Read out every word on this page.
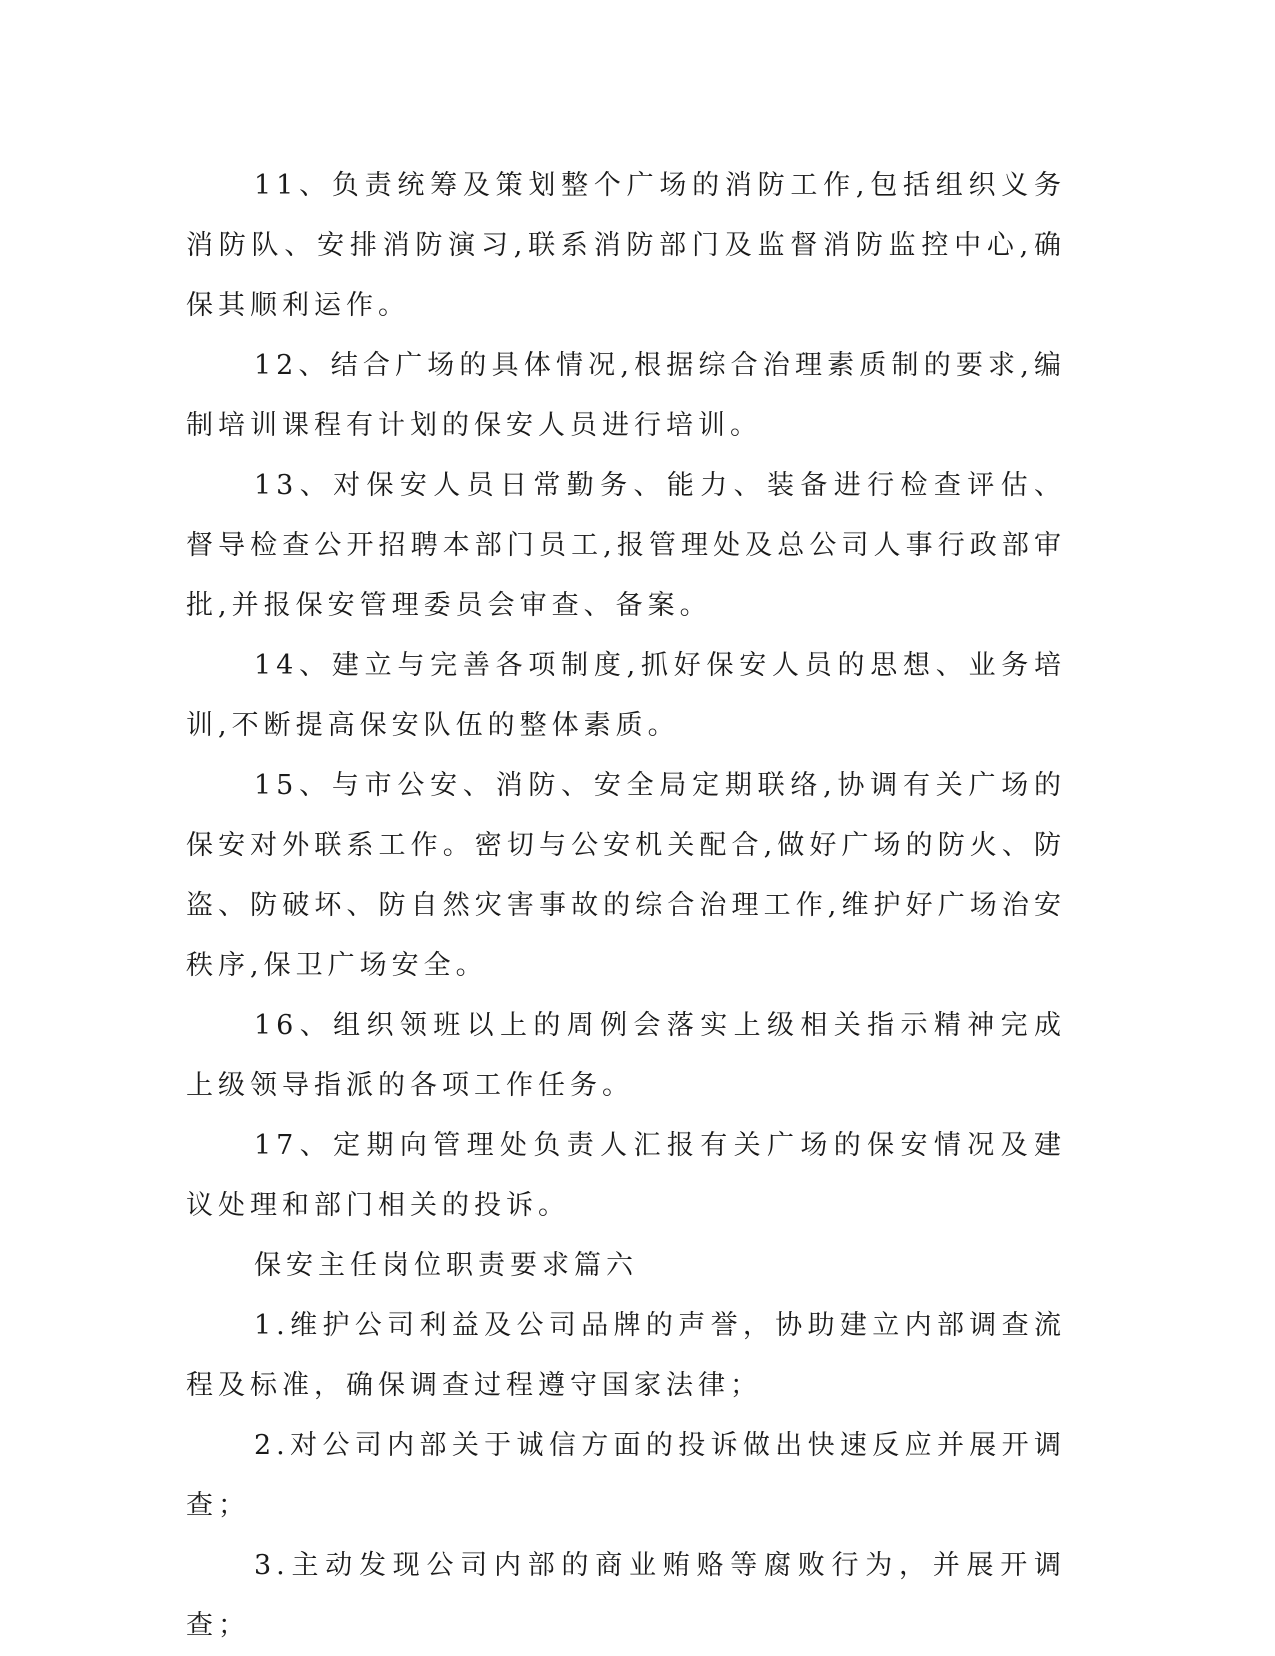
11、负责统筹及策划整个广场的消防工作,包括组织义务消防队、安排消防演习,联系消防部门及监督消防监控中心,确保其顺利运作。

12、结合广场的具体情况,根据综合治理素质制的要求,编制培训课程有计划的保安人员进行培训。

13、对保安人员日常勤务、能力、装备进行检查评估、督导检查公开招聘本部门员工,报管理处及总公司人事行政部审批,并报保安管理委员会审查、备案。

14、建立与完善各项制度,抓好保安人员的思想、业务培训,不断提高保安队伍的整体素质。

15、与市公安、消防、安全局定期联络,协调有关广场的保安对外联系工作。密切与公安机关配合,做好广场的防火、防盗、防破坏、防自然灾害事故的综合治理工作,维护好广场治安秩序,保卫广场安全。

16、组织领班以上的周例会落实上级相关指示精神完成上级领导指派的各项工作任务。

17、定期向管理处负责人汇报有关广场的保安情况及建议处理和部门相关的投诉。

保安主任岗位职责要求篇六

1.维护公司利益及公司品牌的声誉，协助建立内部调查流程及标准，确保调查过程遵守国家法律；

2.对公司内部关于诚信方面的投诉做出快速反应并展开调查；

3.主动发现公司内部的商业贿赂等腐败行为，并展开调查；
